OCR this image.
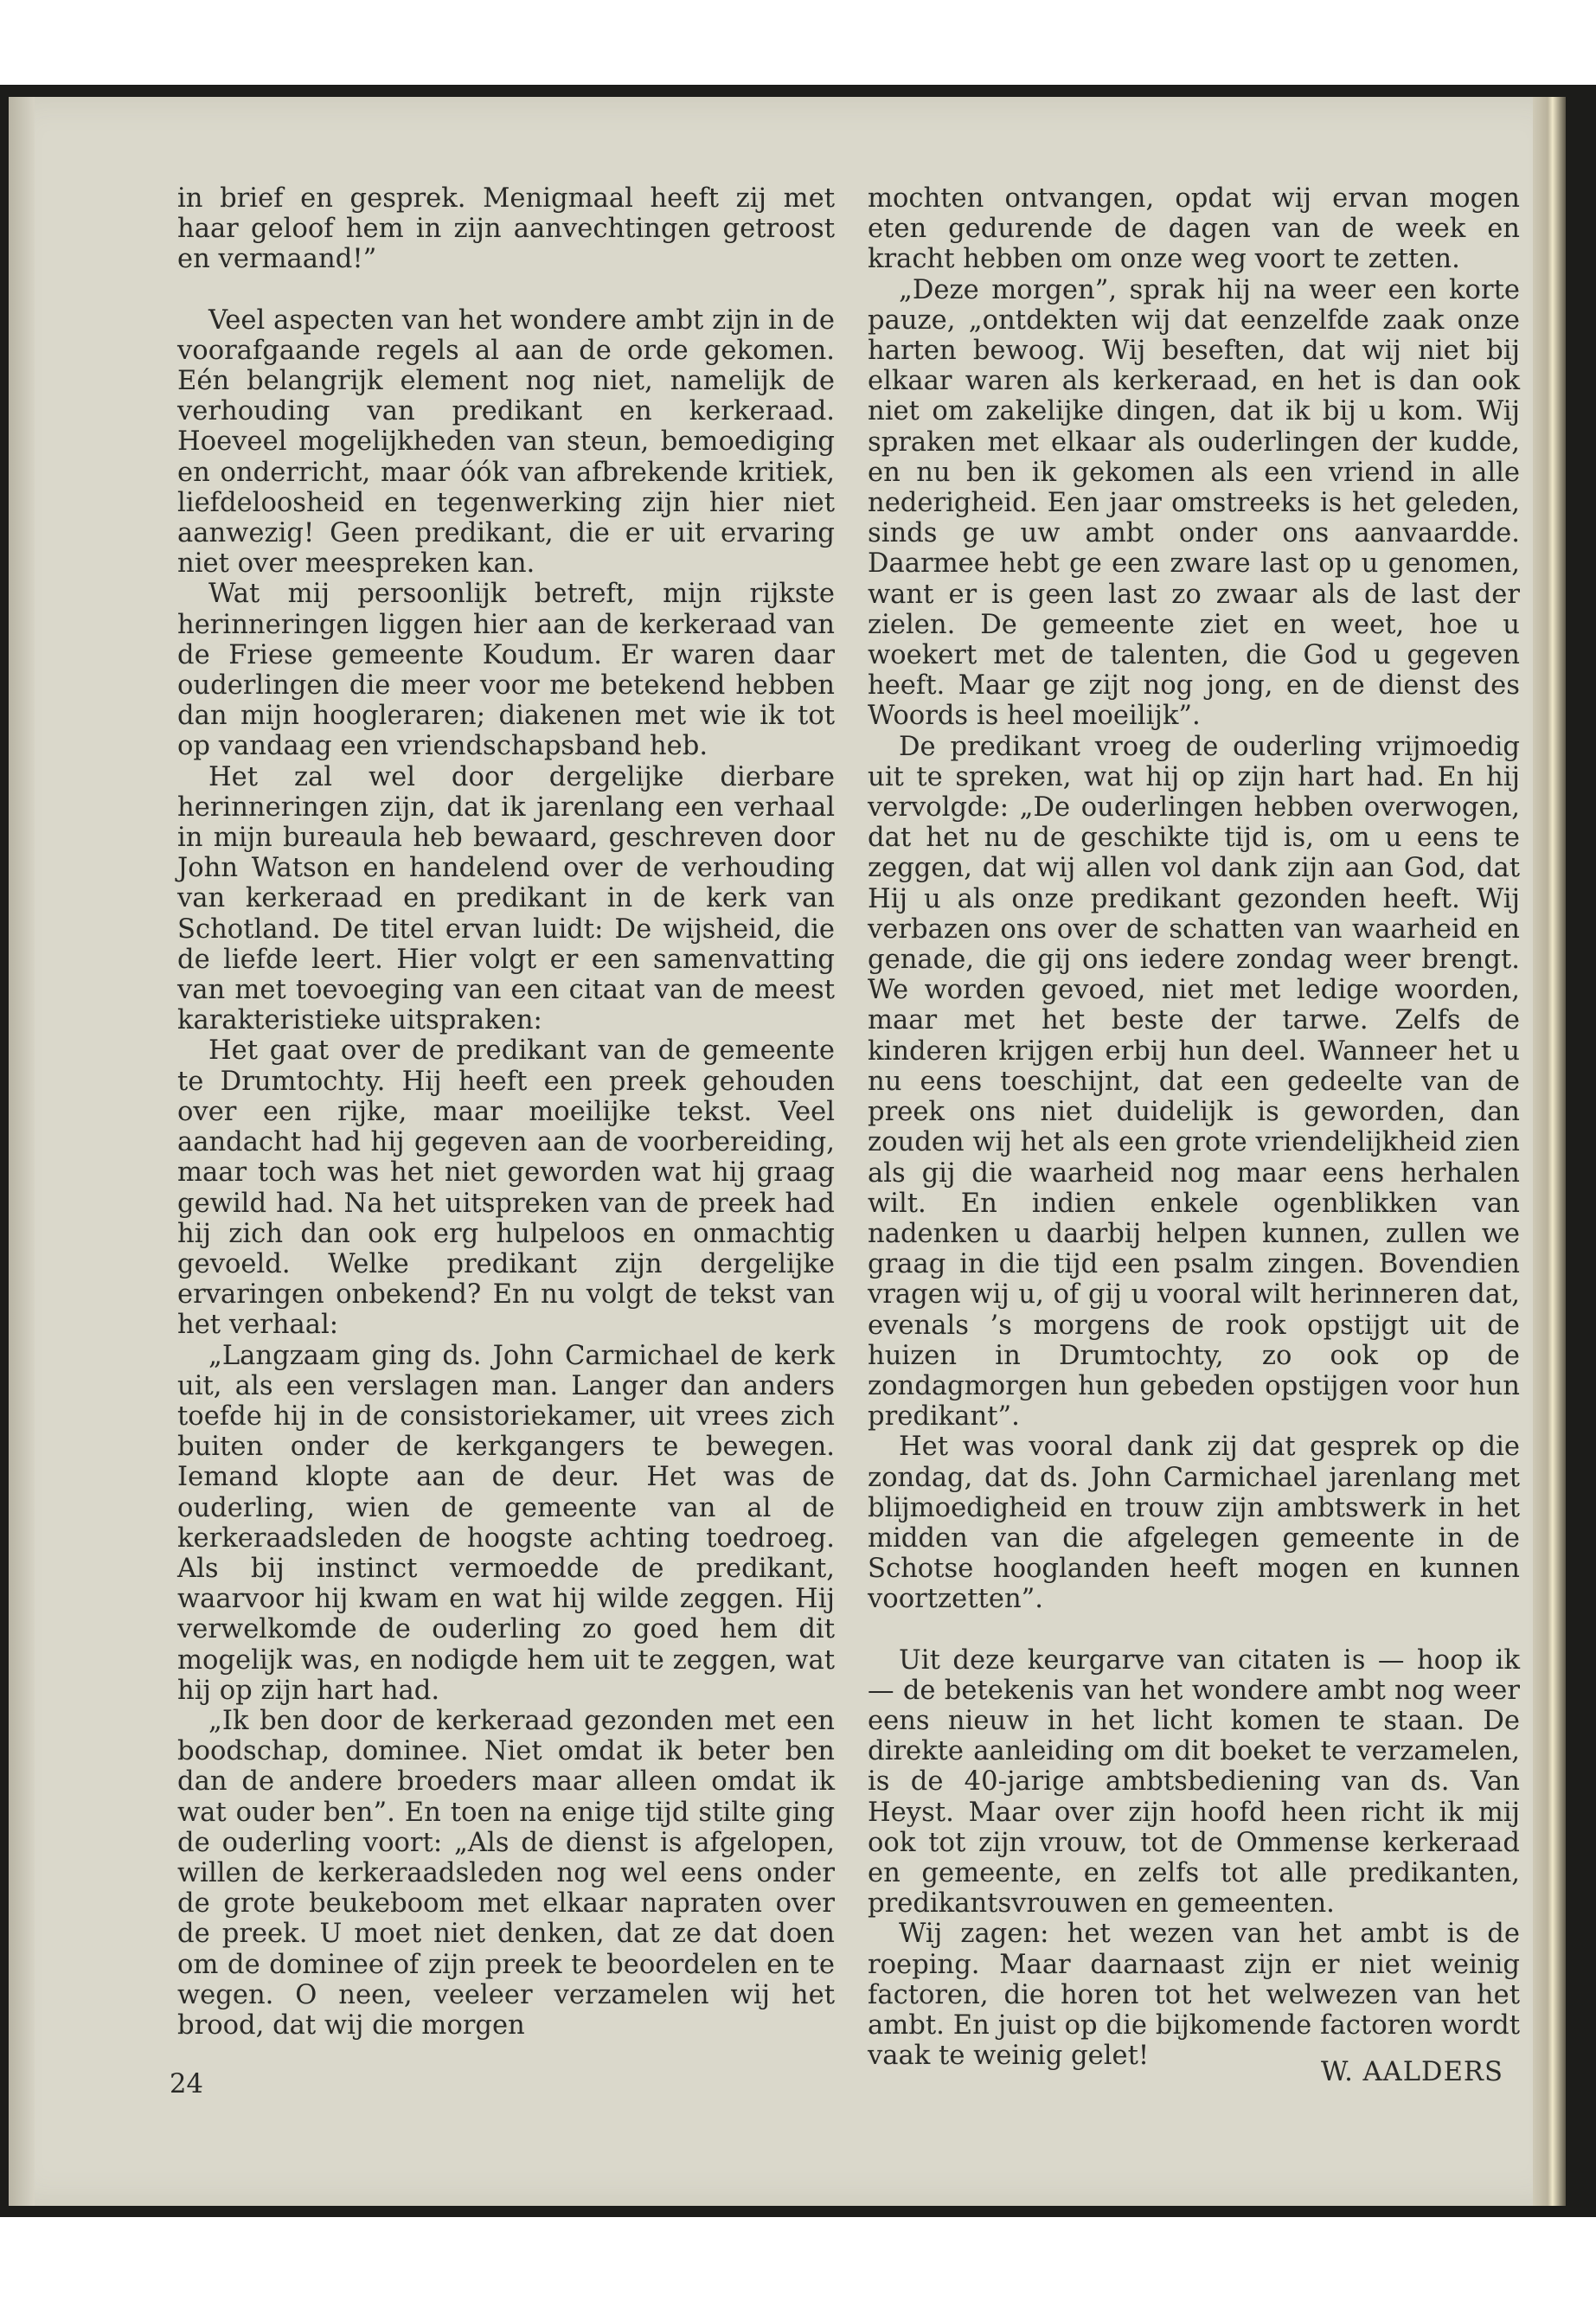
in brief en gesprek. Menigmaal heeft zij met haar geloof hem in zijn aanvechtingen getroost en vermaand!”

Veel aspecten van het wondere ambt zijn in de voorafgaande regels al aan de orde gekomen. Eén belangrijk element nog niet, namelijk de verhouding van predikant en kerkeraad. Hoeveel mogelijkheden van steun, bemoediging en onderricht, maar óók van afbrekende kritiek, liefdeloosheid en tegenwerking zijn hier niet aanwezig! Geen predikant, die er uit ervaring niet over meespreken kan.

Wat mij persoonlijk betreft, mijn rijkste herinneringen liggen hier aan de kerkeraad van de Friese gemeente Koudum. Er waren daar ouderlingen die meer voor me betekend hebben dan mijn hoogleraren; diakenen met wie ik tot op vandaag een vriendschapsband heb.

Het zal wel door dergelijke dierbare herinneringen zijn, dat ik jarenlang een verhaal in mijn bureaula heb bewaard, geschreven door John Watson en handelend over de verhouding van kerkeraad en predikant in de kerk van Schotland. De titel ervan luidt: De wijsheid, die de liefde leert. Hier volgt er een samenvatting van met toevoeging van een citaat van de meest karakteristieke uitspraken:

Het gaat over de predikant van de gemeente te Drumtochty. Hij heeft een preek gehouden over een rijke, maar moeilijke tekst. Veel aandacht had hij gegeven aan de voorbereiding, maar toch was het niet geworden wat hij graag gewild had. Na het uitspreken van de preek had hij zich dan ook erg hulpeloos en onmachtig gevoeld. Welke predikant zijn dergelijke ervaringen onbekend? En nu volgt de tekst van het verhaal:

„Langzaam ging ds. John Carmichael de kerk uit, als een verslagen man. Langer dan anders toefde hij in de consistoriekamer, uit vrees zich buiten onder de kerkgangers te bewegen. Iemand klopte aan de deur. Het was de ouderling, wien de gemeente van al de kerkeraadsleden de hoogste achting toedroeg. Als bij instinct vermoedde de predikant, waarvoor hij kwam en wat hij wilde zeggen. Hij verwelkomde de ouderling zo goed hem dit mogelijk was, en nodigde hem uit te zeggen, wat hij op zijn hart had.

„Ik ben door de kerkeraad gezonden met een boodschap, dominee. Niet omdat ik beter ben dan de andere broeders maar alleen omdat ik wat ouder ben”. En toen na enige tijd stilte ging de ouderling voort: „Als de dienst is afgelopen, willen de kerkeraadsleden nog wel eens onder de grote beukeboom met elkaar napraten over de preek. U moet niet denken, dat ze dat doen om de dominee of zijn preek te beoordelen en te wegen. O neen, veeleer verzamelen wij het brood, dat wij die morgen

mochten ontvangen, opdat wij ervan mogen eten gedurende de dagen van de week en kracht hebben om onze weg voort te zetten.

„Deze morgen”, sprak hij na weer een korte pauze, „ontdekten wij dat eenzelfde zaak onze harten bewoog. Wij beseften, dat wij niet bij elkaar waren als kerkeraad, en het is dan ook niet om zakelijke dingen, dat ik bij u kom. Wij spraken met elkaar als ouderlingen der kudde, en nu ben ik gekomen als een vriend in alle nederigheid. Een jaar omstreeks is het geleden, sinds ge uw ambt onder ons aanvaardde. Daarmee hebt ge een zware last op u genomen, want er is geen last zo zwaar als de last der zielen. De gemeente ziet en weet, hoe u woekert met de talenten, die God u gegeven heeft. Maar ge zijt nog jong, en de dienst des Woords is heel moeilijk”.

De predikant vroeg de ouderling vrijmoedig uit te spreken, wat hij op zijn hart had. En hij vervolgde: „De ouderlingen hebben overwogen, dat het nu de geschikte tijd is, om u eens te zeggen, dat wij allen vol dank zijn aan God, dat Hij u als onze predikant gezonden heeft. Wij verbazen ons over de schatten van waarheid en genade, die gij ons iedere zondag weer brengt. We worden gevoed, niet met ledige woorden, maar met het beste der tarwe. Zelfs de kinderen krijgen erbij hun deel. Wanneer het u nu eens toeschijnt, dat een gedeelte van de preek ons niet duidelijk is geworden, dan zouden wij het als een grote vriendelijkheid zien als gij die waarheid nog maar eens herhalen wilt. En indien enkele ogenblikken van nadenken u daarbij helpen kunnen, zullen we graag in die tijd een psalm zingen. Bovendien vragen wij u, of gij u vooral wilt herinneren dat, evenals ’s morgens de rook opstijgt uit de huizen in Drumtochty, zo ook op de zondagmorgen hun gebeden opstijgen voor hun predikant”.

Het was vooral dank zij dat gesprek op die zondag, dat ds. John Carmichael jarenlang met blijmoedigheid en trouw zijn ambtswerk in het midden van die afgelegen gemeente in de Schotse hooglanden heeft mogen en kunnen voortzetten”.

Uit deze keurgarve van citaten is — hoop ik — de betekenis van het wondere ambt nog weer eens nieuw in het licht komen te staan. De direkte aanleiding om dit boeket te verzamelen, is de 40-jarige ambtsbediening van ds. Van Heyst. Maar over zijn hoofd heen richt ik mij ook tot zijn vrouw, tot de Ommense kerkeraad en gemeente, en zelfs tot alle predikanten, predikantsvrouwen en gemeenten.

Wij zagen: het wezen van het ambt is de roeping. Maar daarnaast zijn er niet weinig factoren, die horen tot het welwezen van het ambt. En juist op die bijkomende factoren wordt vaak te weinig gelet!

W. AALDERS
24
